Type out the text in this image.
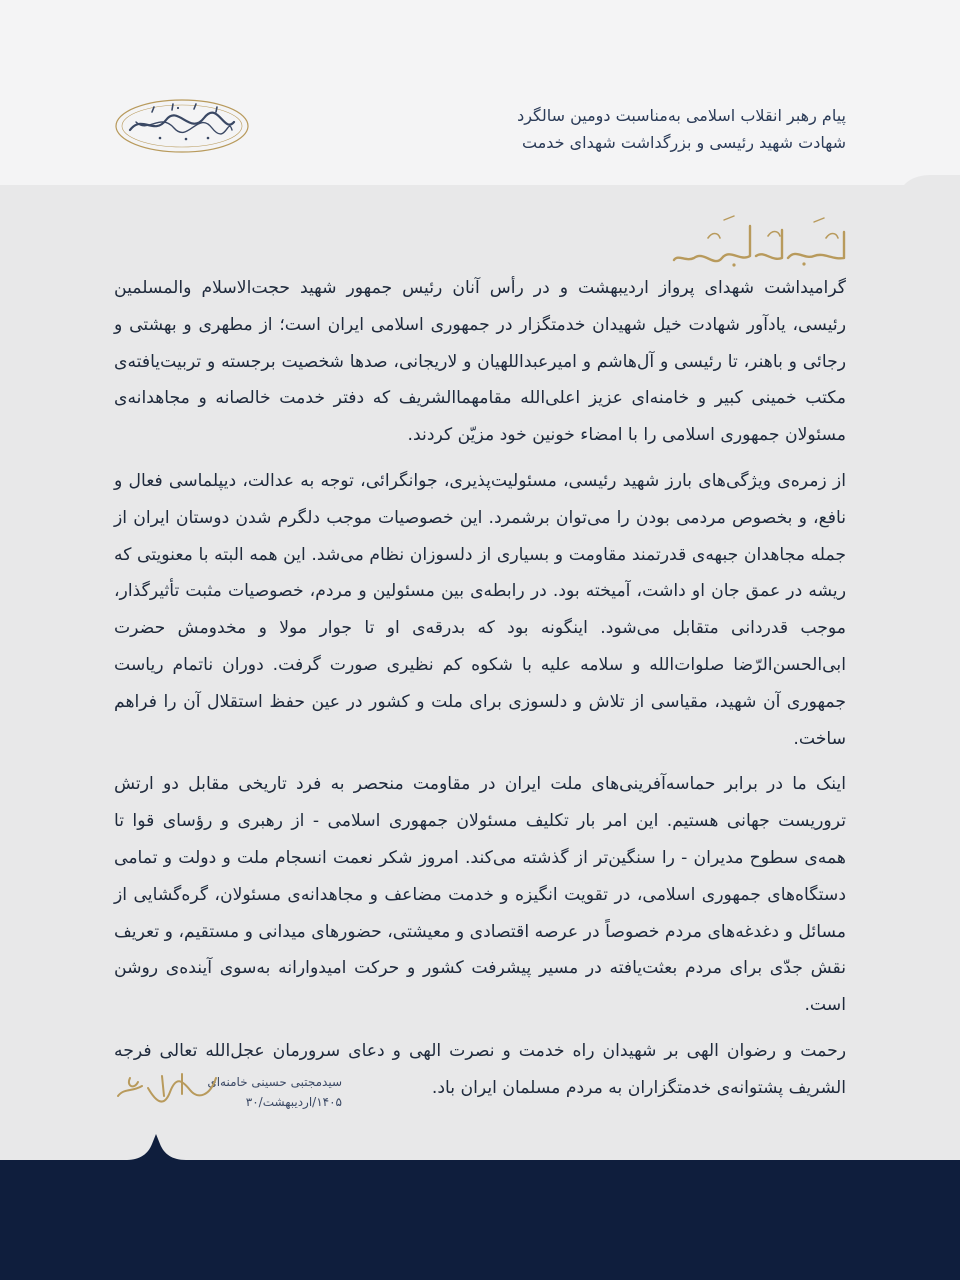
پیام رهبر انقلاب اسلامی به‌مناسبت دومین سالگرد
شهادت شهید رئیسی و بزرگداشت شهدای خدمت

گرامیداشت شهدای پرواز اردیبهشت و در رأس آنان رئیس جمهور شهید حجت‌الاسلام والمسلمین رئیسی، یادآور شهادت خیل شهیدان خدمتگزار در جمهوری اسلامی ایران است؛ از مطهری و بهشتی و رجائی و باهنر، تا رئیسی و آل‌هاشم و امیرعبداللهیان و لاریجانی، صدها شخصیت برجسته و تربیت‌یافته‌ی مکتب خمینی کبیر و خامنه‌ای عزیز اعلی‌الله مقامهماالشریف که دفتر خدمت خالصانه و مجاهدانه‌ی مسئولان جمهوری اسلامی را با امضاء خونین خود مزیّن کردند.

از زمره‌ی ویژگی‌های بارز شهید رئیسی، مسئولیت‌پذیری، جوانگرائی، توجه به عدالت، دیپلماسی فعال و نافع، و بخصوص مردمی بودن را می‌توان برشمرد. این خصوصیات موجب دلگرم شدن دوستان ایران از جمله مجاهدان جبهه‌ی قدرتمند مقاومت و بسیاری از دلسوزان نظام می‌شد. این همه البته با معنویتی که ریشه در عمق جان او داشت، آمیخته بود. در رابطه‌ی بین مسئولین و مردم، خصوصیات مثبت تأثیرگذار، موجب قدردانی متقابل می‌شود. اینگونه بود که بدرقه‌ی او تا جوار مولا و مخدومش حضرت ابی‌الحسن‌الرّضا صلوات‌الله و سلامه علیه با شکوه کم نظیری صورت گرفت. دوران ناتمام ریاست جمهوری آن شهید، مقیاسی از تلاش و دلسوزی برای ملت و کشور در عین حفظ استقلال آن را فراهم ساخت.

اینک ما در برابر حماسه‌آفرینی‌های ملت ایران در مقاومت منحصر به فرد تاریخی مقابل دو ارتش تروریست جهانی هستیم. این امر بار تکلیف مسئولان جمهوری اسلامی - از رهبری و رؤسای قوا تا همه‌ی سطوح مدیران - را سنگین‌تر از گذشته می‌کند. امروز شکر نعمت انسجام ملت و دولت و تمامی دستگاه‌های جمهوری اسلامی، در تقویت انگیزه و خدمت مضاعف و مجاهدانه‌ی مسئولان، گره‌گشایی از مسائل و دغدغه‌های مردم خصوصاً در عرصه اقتصادی و معیشتی، حضورهای میدانی و مستقیم، و تعریف نقش جدّی برای مردم بعثت‌یافته در مسیر پیشرفت کشور و حرکت امیدوارانه به‌سوی آینده‌ی روشن است.

رحمت و رضوان الهی بر شهیدان راه خدمت و نصرت الهی و دعای سرورمان عجل‌الله تعالی فرجه الشریف پشتوانه‌ی خدمتگزاران به مردم مسلمان ایران باد.

سیدمجتبی حسینی خامنه‌ای
۱۴۰۵/اردیبهشت/۳۰
